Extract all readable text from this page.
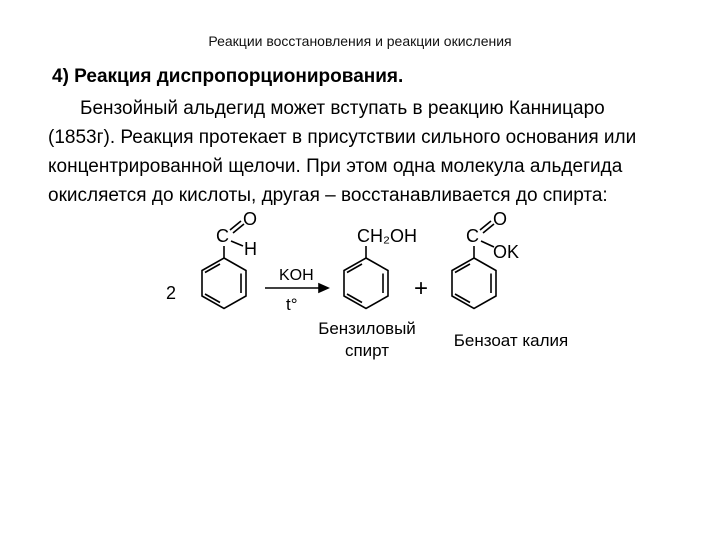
Реакции восстановления и реакции окисления
4) Реакция диспропорционирования.
Бензойный альдегид может вступать в реакцию Канницаро
(1853г). Реакция протекает в присутствии сильного основания или
концентрированной щелочи. При этом одна молекула альдегида
окисляется до кислоты, другая – восстанавливается до спирта:
2
C
O
H
KOH
t°
CH₂OH
+
C
O
OK
Бензиловый
спирт
Бензоат калия
